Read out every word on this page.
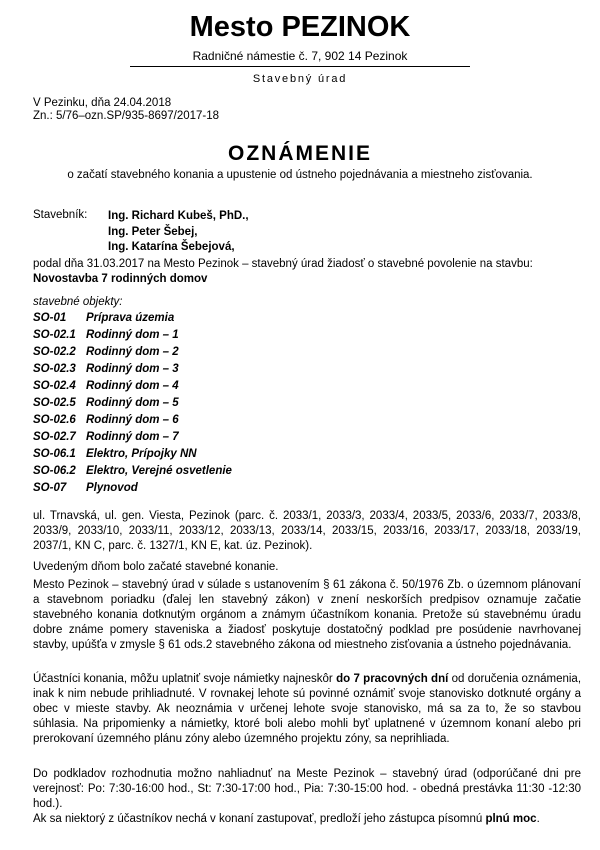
Mesto PEZINOK
Radničné námestie č. 7, 902 14 Pezinok
Stavebný úrad
V Pezinku, dňa 24.04.2018
Zn.: 5/76–ozn.SP/935-8697/2017-18
OZNÁMENIE
o začatí stavebného konania a upustenie od ústneho pojednávania a miestneho zisťovania.
Stavebník: Ing. Richard Kubeš, PhD.,
Ing. Peter Šebej,
Ing. Katarína Šebejová,
podal dňa 31.03.2017 na Mesto Pezinok – stavebný úrad žiadosť o stavebné povolenie na stavbu:
Novostavba 7 rodinných domov
stavebné objekty:
SO-01 Príprava územia
SO-02.1 Rodinný dom – 1
SO-02.2 Rodinný dom – 2
SO-02.3 Rodinný dom – 3
SO-02.4 Rodinný dom – 4
SO-02.5 Rodinný dom – 5
SO-02.6 Rodinný dom – 6
SO-02.7 Rodinný dom – 7
SO-06.1 Elektro, Prípojky NN
SO-06.2 Elektro, Verejné osvetlenie
SO-07 Plynovod
ul. Trnavská, ul. gen. Viesta, Pezinok (parc. č. 2033/1, 2033/3, 2033/4, 2033/5, 2033/6, 2033/7, 2033/8, 2033/9, 2033/10, 2033/11, 2033/12, 2033/13, 2033/14, 2033/15, 2033/16, 2033/17, 2033/18, 2033/19, 2037/1, KN C, parc. č. 1327/1, KN E, kat. úz. Pezinok).
Uvedeným dňom bolo začaté stavebné konanie.
Mesto Pezinok – stavebný úrad v súlade s ustanovením § 61 zákona č. 50/1976 Zb. o územnom plánovaní a stavebnom poriadku (ďalej len stavebný zákon) v znení neskorších predpisov oznamuje začatie stavebného konania dotknutým orgánom a známym účastníkom konania. Pretože sú stavebnému úradu dobre známe pomery staveniska a žiadosť poskytuje dostatočný podklad pre posúdenie navrhovanej stavby, upúšťa v zmysle § 61 ods.2 stavebného zákona od miestneho zisťovania a ústneho pojednávania.
Účastníci konania, môžu uplatniť svoje námietky najneskôr do 7 pracovných dní od doručenia oznámenia, inak k nim nebude prihliadnuté. V rovnakej lehote sú povinné oznámiť svoje stanovisko dotknuté orgány a obec v mieste stavby. Ak neoznámia v určenej lehote svoje stanovisko, má sa za to, že so stavbou súhlasia. Na pripomienky a námietky, ktoré boli alebo mohli byť uplatnené v územnom konaní alebo pri prerokovaní územného plánu zóny alebo územného projektu zóny, sa neprihliada.
Do podkladov rozhodnutia možno nahliadnuť na Meste Pezinok – stavebný úrad (odporúčané dni pre verejnosť: Po: 7:30-16:00 hod., St: 7:30-17:00 hod., Pia: 7:30-15:00 hod. - obedná prestávka 11:30 -12:30 hod.).
Ak sa niektorý z účastníkov nechá v konaní zastupovať, predloží jeho zástupca písomnú plnú moc.
